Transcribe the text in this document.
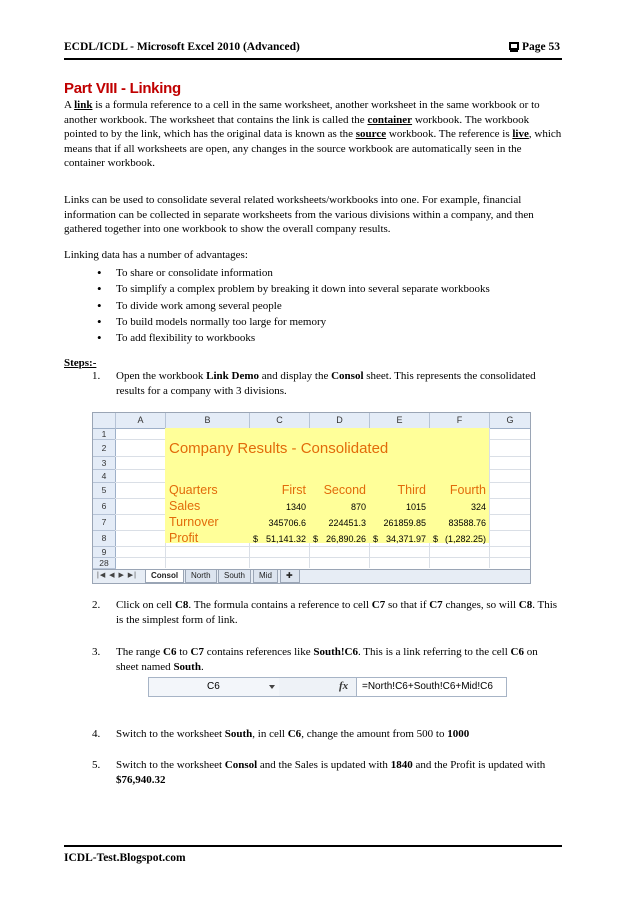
ECDL/ICDL - Microsoft Excel 2010 (Advanced)	Page 53
Part VIII - Linking

A link is a formula reference to a cell in the same worksheet, another worksheet in the same workbook or to another workbook. The worksheet that contains the link is called the container workbook. The workbook pointed to by the link, which has the original data is known as the source workbook. The reference is live, which means that if all worksheets are open, any changes in the source workbook are automatically seen in the container workbook.

Links can be used to consolidate several related worksheets/workbooks into one. For example, financial information can be collected in separate worksheets from the various divisions within a company, and then gathered together into one workbook to show the overall company results.

Linking data has a number of advantages:

• To share or consolidate information
• To simplify a complex problem by breaking it down into several separate workbooks
• To divide work among several people
• To build models normally too large for memory
• To add flexibility to workbooks
Steps:-
1. Open the workbook Link Demo and display the Consol sheet. This represents the consolidated results for a company with 3 divisions.
A	B	C	D	E	F	G
1
2
3
4
5
6
7
8
9
28
Company Results - Consolidated
Quarters	First	Second	Third	Fourth
Sales	1340	870	1015	324
Turnover	345706.6	224451.3	261859.85	83588.76
Profit	$ 51,141.32 $ 26,890.26 $ 34,371.97 $ (1,282.25)
|◀ ◀ ▶ ▶|	Consol	North	South	Mid	✚
2. Click on cell C8. The formula contains a reference to cell C7 so that if C7 changes, so will C8. This is the simplest form of link.
3. The range C6 to C7 contains references like South!C6. This is a link referring to the cell C6 on sheet named South.
C6	fx =North!C6+South!C6+Mid!C6
4. Switch to the worksheet South, in cell C6, change the amount from 500 to 1000
5. Switch to the worksheet Consol and the Sales is updated with 1840 and the Profit is updated with $76,940.32
ICDL-Test.Blogspot.com
